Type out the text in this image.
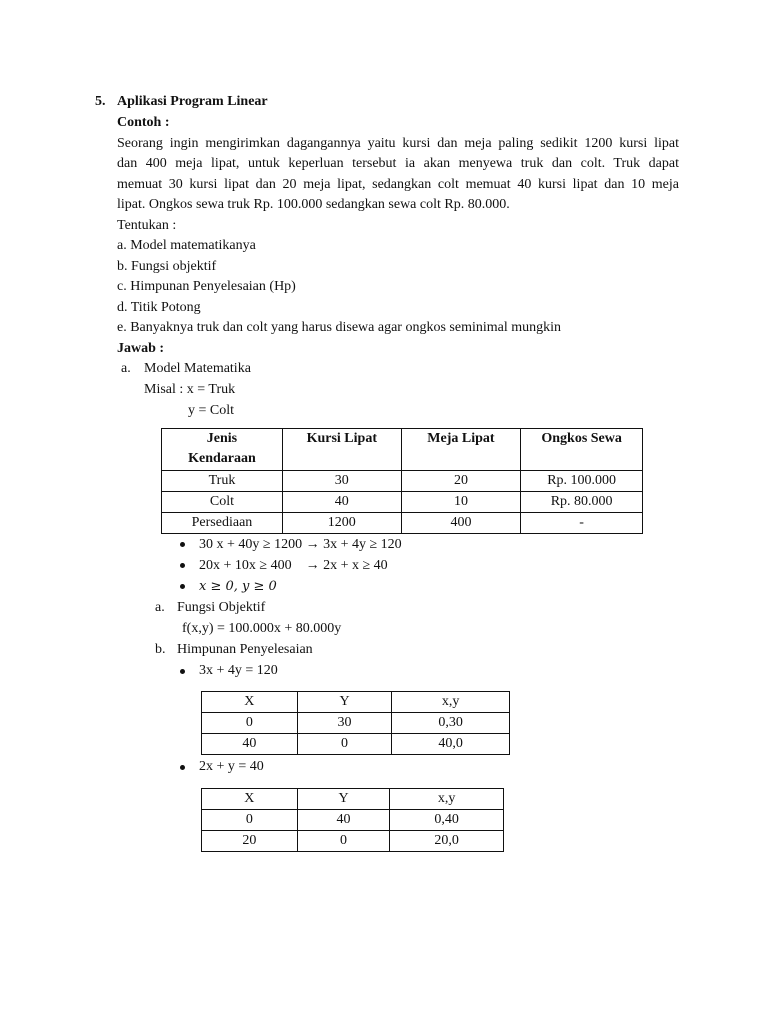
5. Aplikasi Program Linear
Contoh :
Seorang ingin mengirimkan dagangannya yaitu kursi dan meja paling sedikit 1200 kursi lipat
dan 400 meja lipat, untuk keperluan tersebut ia akan menyewa truk dan colt. Truk dapat
memuat 30 kursi lipat dan 20 meja lipat, sedangkan colt memuat 40 kursi lipat dan 10 meja
lipat. Ongkos sewa truk Rp. 100.000 sedangkan sewa colt Rp. 80.000.
Tentukan :
a. Model matematikanya
b. Fungsi objektif
c. Himpunan Penyelesaian (Hp)
d. Titik Potong
e. Banyaknya truk dan colt yang harus disewa agar ongkos seminimal mungkin
Jawab :
a. Model Matematika
Misal : x = Truk
y = Colt
Jenis Kendaraan	Kursi Lipat	Meja Lipat	Ongkos Sewa
Truk	30	20	Rp. 100.000
Colt	40	10	Rp. 80.000
Persediaan	1200	400	-
30 x + 40y ≥ 1200 → 3x + 4y ≥ 120
20x + 10x ≥ 400    → 2x + x ≥ 40
x ≥ 0, y ≥ 0
a. Fungsi Objektif
f(x,y) = 100.000x + 80.000y
b. Himpunan Penyelesaian
3x + 4y = 120
X	Y	x,y
0	30	0,30
40	0	40,0
2x + y = 40
X	Y	x,y
0	40	0,40
20	0	20,0
